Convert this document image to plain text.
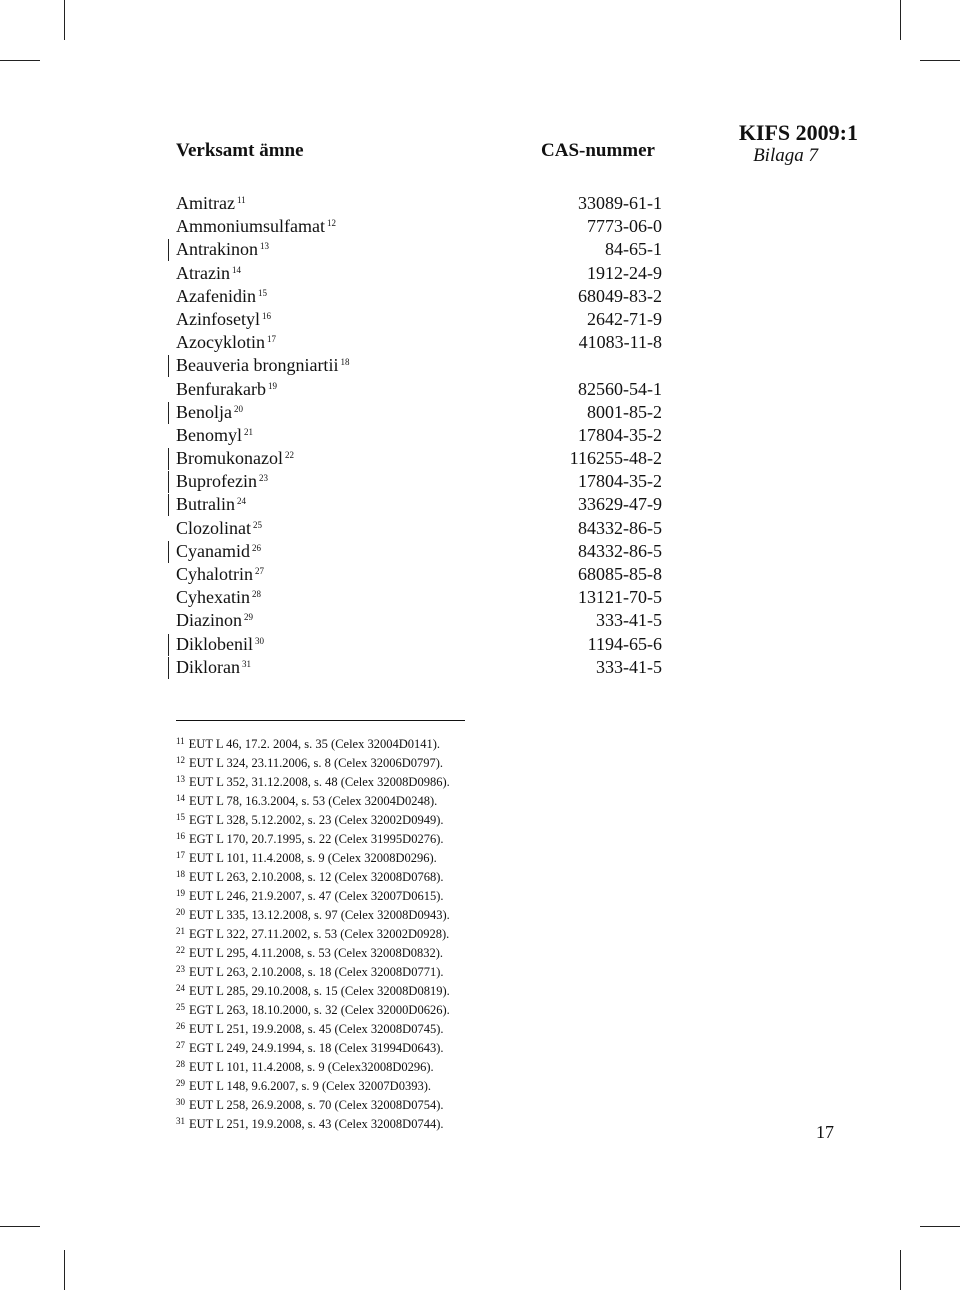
Verksamt ämne	CAS-nummer
KIFS 2009:1
Bilaga 7
Amitraz $^{11}$	33089-61-1
Ammoniumsulfamat $^{12}$	7773-06-0
Antrakinon $^{13}$	84-65-1
Atrazin $^{14}$	1912-24-9
Azafenidin $^{15}$	68049-83-2
Azinfosetyl $^{16}$	2642-71-9
Azocyklotin $^{17}$	41083-11-8
Beauveria brongniartii $^{18}$
Benfurakarb $^{19}$	82560-54-1
Benolja $^{20}$	8001-85-2
Benomyl $^{21}$	17804-35-2
Bromukonazol $^{22}$	116255-48-2
Buprofezin $^{23}$	17804-35-2
Butralin $^{24}$	33629-47-9
Clozolinat $^{25}$	84332-86-5
Cyanamid $^{26}$	84332-86-5
Cyhalotrin $^{27}$	68085-85-8
Cyhexatin $^{28}$	13121-70-5
Diazinon $^{29}$	333-41-5
Diklobenil $^{30}$	1194-65-6
Dikloran $^{31}$	333-41-5
$^{11}$ EUT L 46, 17.2. 2004, s. 35 (Celex 32004D0141).
$^{12}$ EUT L 324, 23.11.2006, s. 8 (Celex 32006D0797).
$^{13}$ EUT L 352, 31.12.2008, s. 48 (Celex 32008D0986).
$^{14}$ EUT L 78, 16.3.2004, s. 53 (Celex 32004D0248).
$^{15}$ EGT L 328, 5.12.2002, s. 23 (Celex 32002D0949).
$^{16}$ EGT L 170, 20.7.1995, s. 22 (Celex 31995D0276).
$^{17}$ EUT L 101, 11.4.2008, s. 9 (Celex 32008D0296).
$^{18}$ EUT L 263, 2.10.2008, s. 12 (Celex 32008D0768).
$^{19}$ EUT L 246, 21.9.2007, s. 47 (Celex 32007D0615).
$^{20}$ EUT L 335, 13.12.2008, s. 97 (Celex 32008D0943).
$^{21}$ EGT L 322, 27.11.2002, s. 53 (Celex 32002D0928).
$^{22}$ EUT L 295, 4.11.2008, s. 53 (Celex 32008D0832).
$^{23}$ EUT L 263, 2.10.2008, s. 18 (Celex 32008D0771).
$^{24}$ EUT L 285, 29.10.2008, s. 15 (Celex 32008D0819).
$^{25}$ EGT L 263, 18.10.2000, s. 32 (Celex 32000D0626).
$^{26}$ EUT L 251, 19.9.2008, s. 45 (Celex 32008D0745).
$^{27}$ EGT L 249, 24.9.1994, s. 18 (Celex 31994D0643).
$^{28}$ EUT L 101, 11.4.2008, s. 9 (Celex32008D0296).
$^{29}$ EUT L 148, 9.6.2007, s. 9 (Celex 32007D0393).
$^{30}$ EUT L 258, 26.9.2008, s. 70 (Celex 32008D0754).
$^{31}$ EUT L 251, 19.9.2008, s. 43 (Celex 32008D0744).	17
